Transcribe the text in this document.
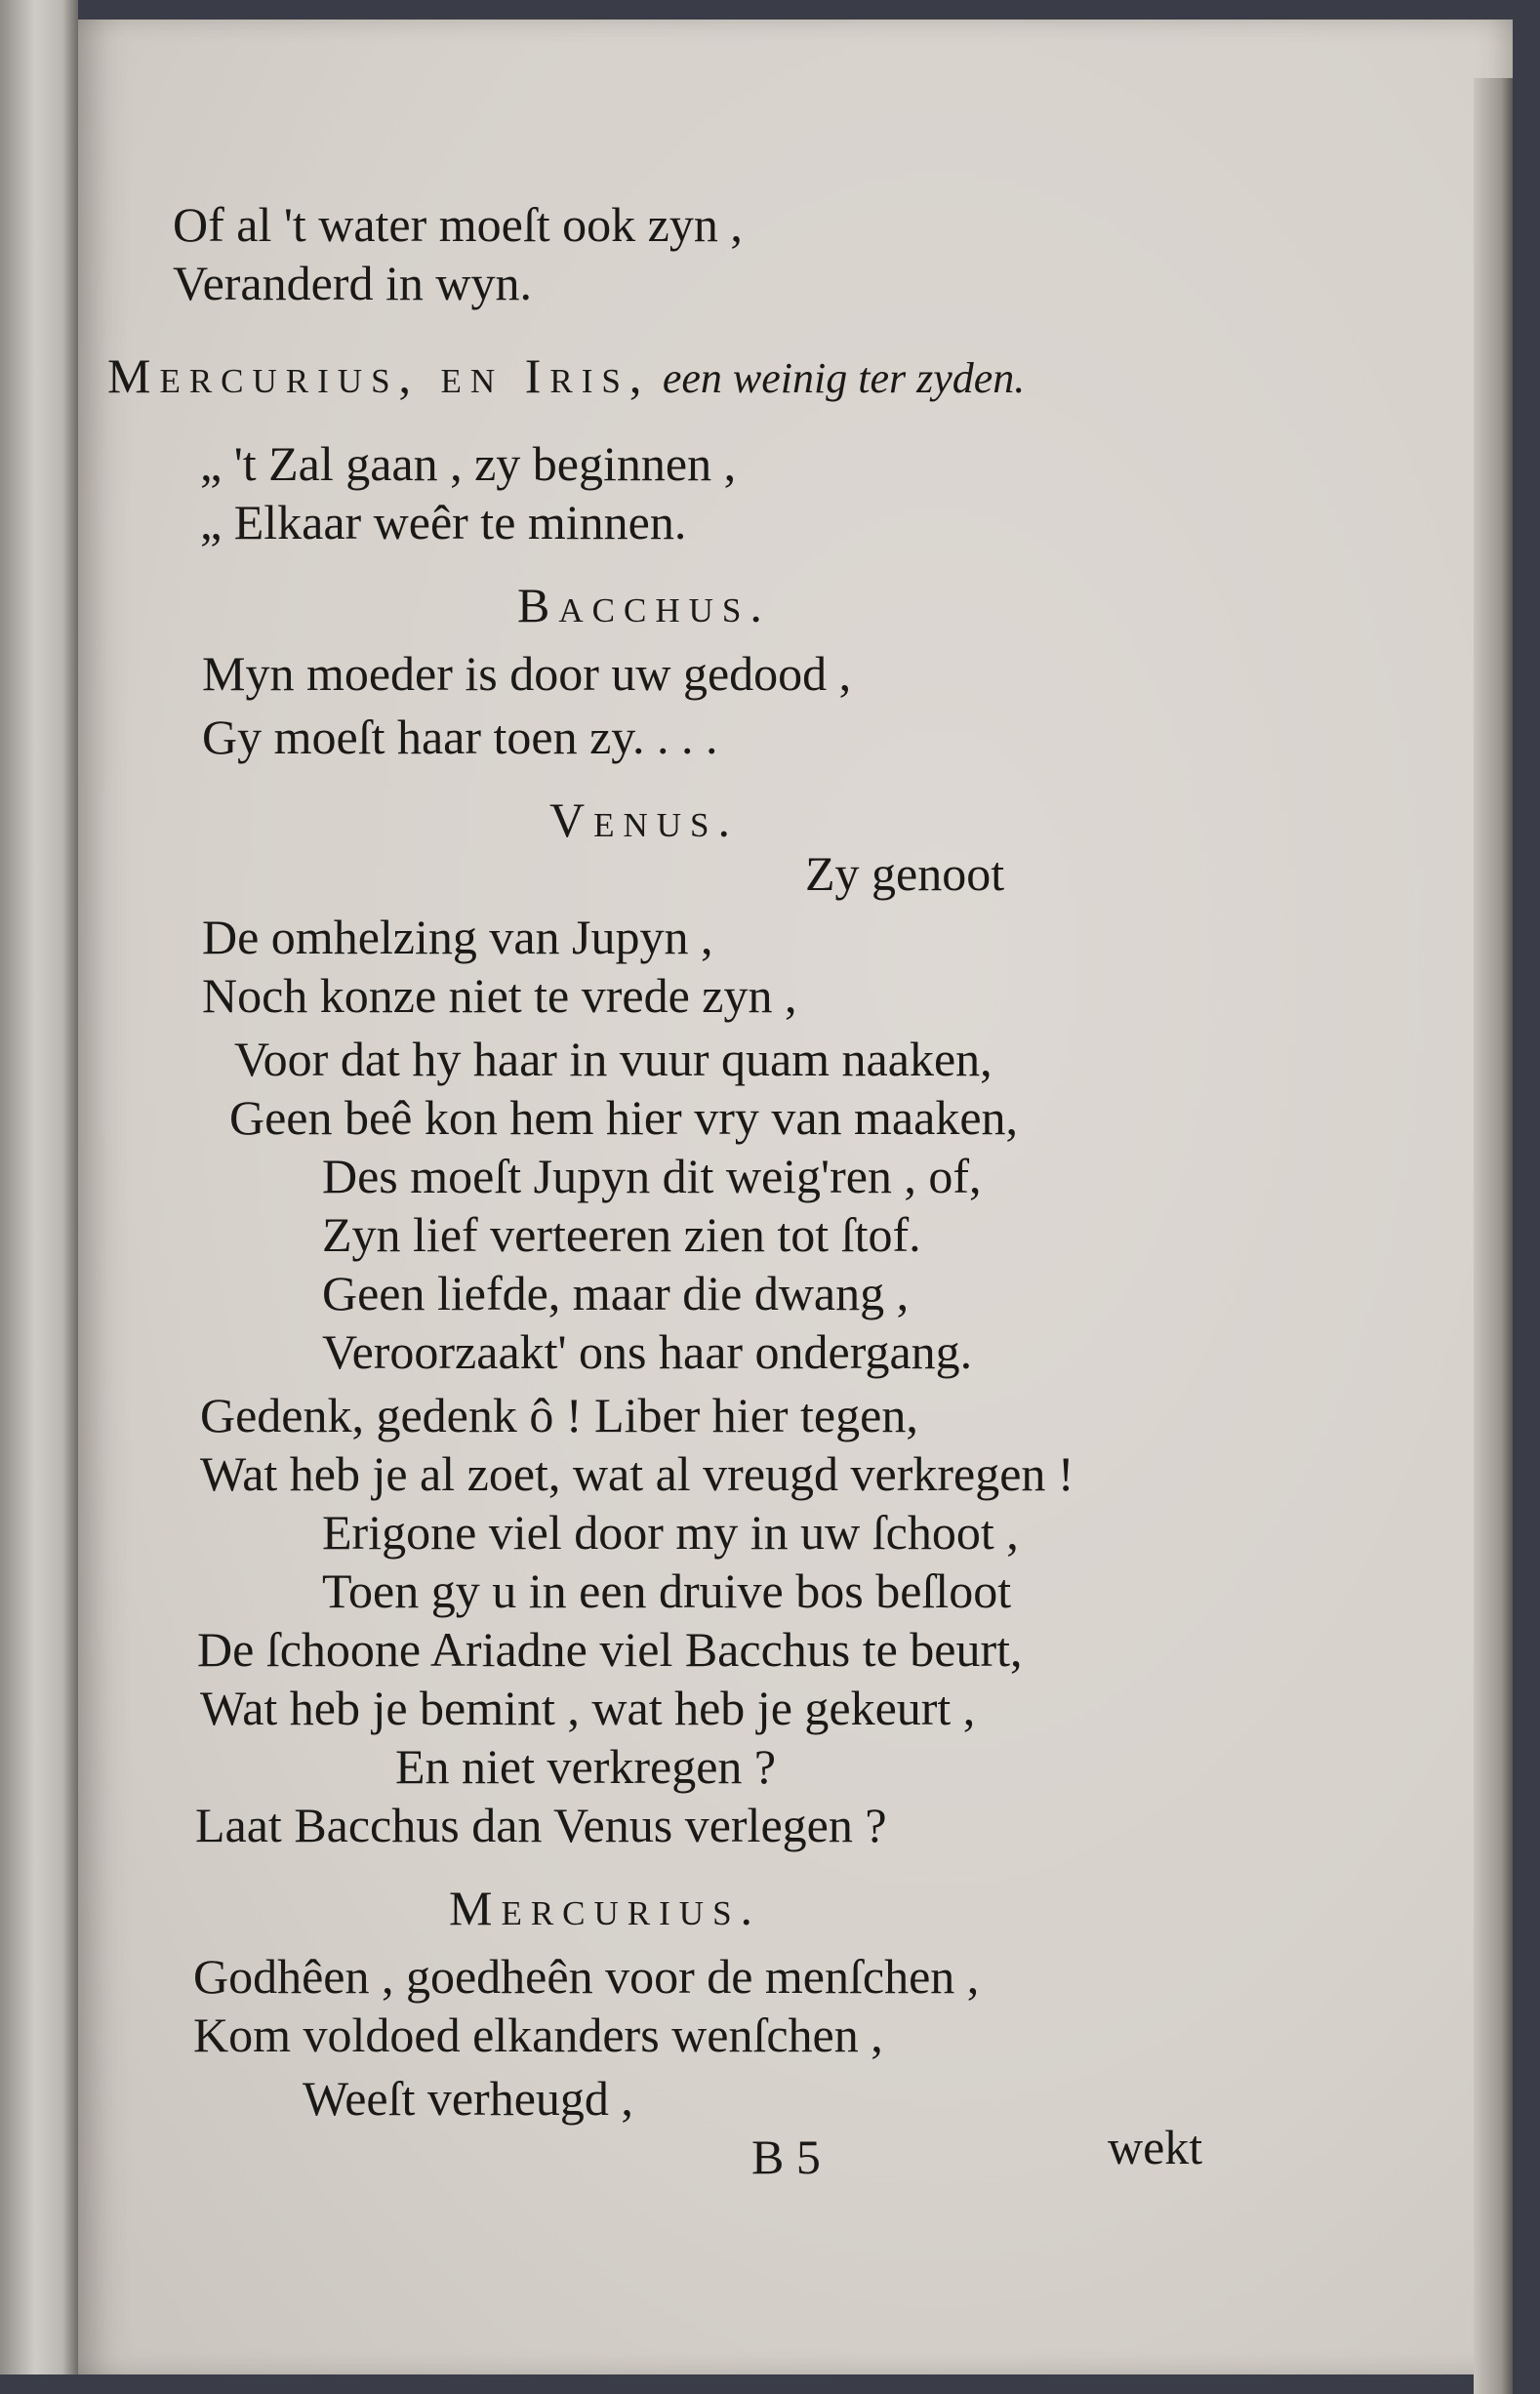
Of al 't water moeſt ook zyn ,
Veranderd in wyn.
Mercurius, en Iris, een weinig ter zyden.
„ 't Zal gaan , zy beginnen ,
„ Elkaar weêr te minnen.
Bacchus.
Myn moeder is door uw gedood ,
Gy moeſt haar toen zy. . . .
Venus.
Zy genoot
De omhelzing van Jupyn ,
Noch konze niet te vrede zyn ,
Voor dat hy haar in vuur quam naaken,
Geen beê kon hem hier vry van maaken,
Des moeſt Jupyn dit weig'ren , of,
Zyn lief verteeren zien tot ſtof.
Geen liefde, maar die dwang ,
Veroorzaakt' ons haar ondergang.
Gedenk, gedenk ô ! Liber hier tegen,
Wat heb je al zoet, wat al vreugd verkregen !
Erigone viel door my in uw ſchoot ,
Toen gy u in een druive bos beſloot
De ſchoone Ariadne viel Bacchus te beurt,
Wat heb je bemint , wat heb je gekeurt ,
En niet verkregen ?
Laat Bacchus dan Venus verlegen ?
Mercurius.
Godhêen , goedheên voor de menſchen ,
Kom voldoed elkanders wenſchen ,
Weeſt verheugd ,
B 5	wekt
